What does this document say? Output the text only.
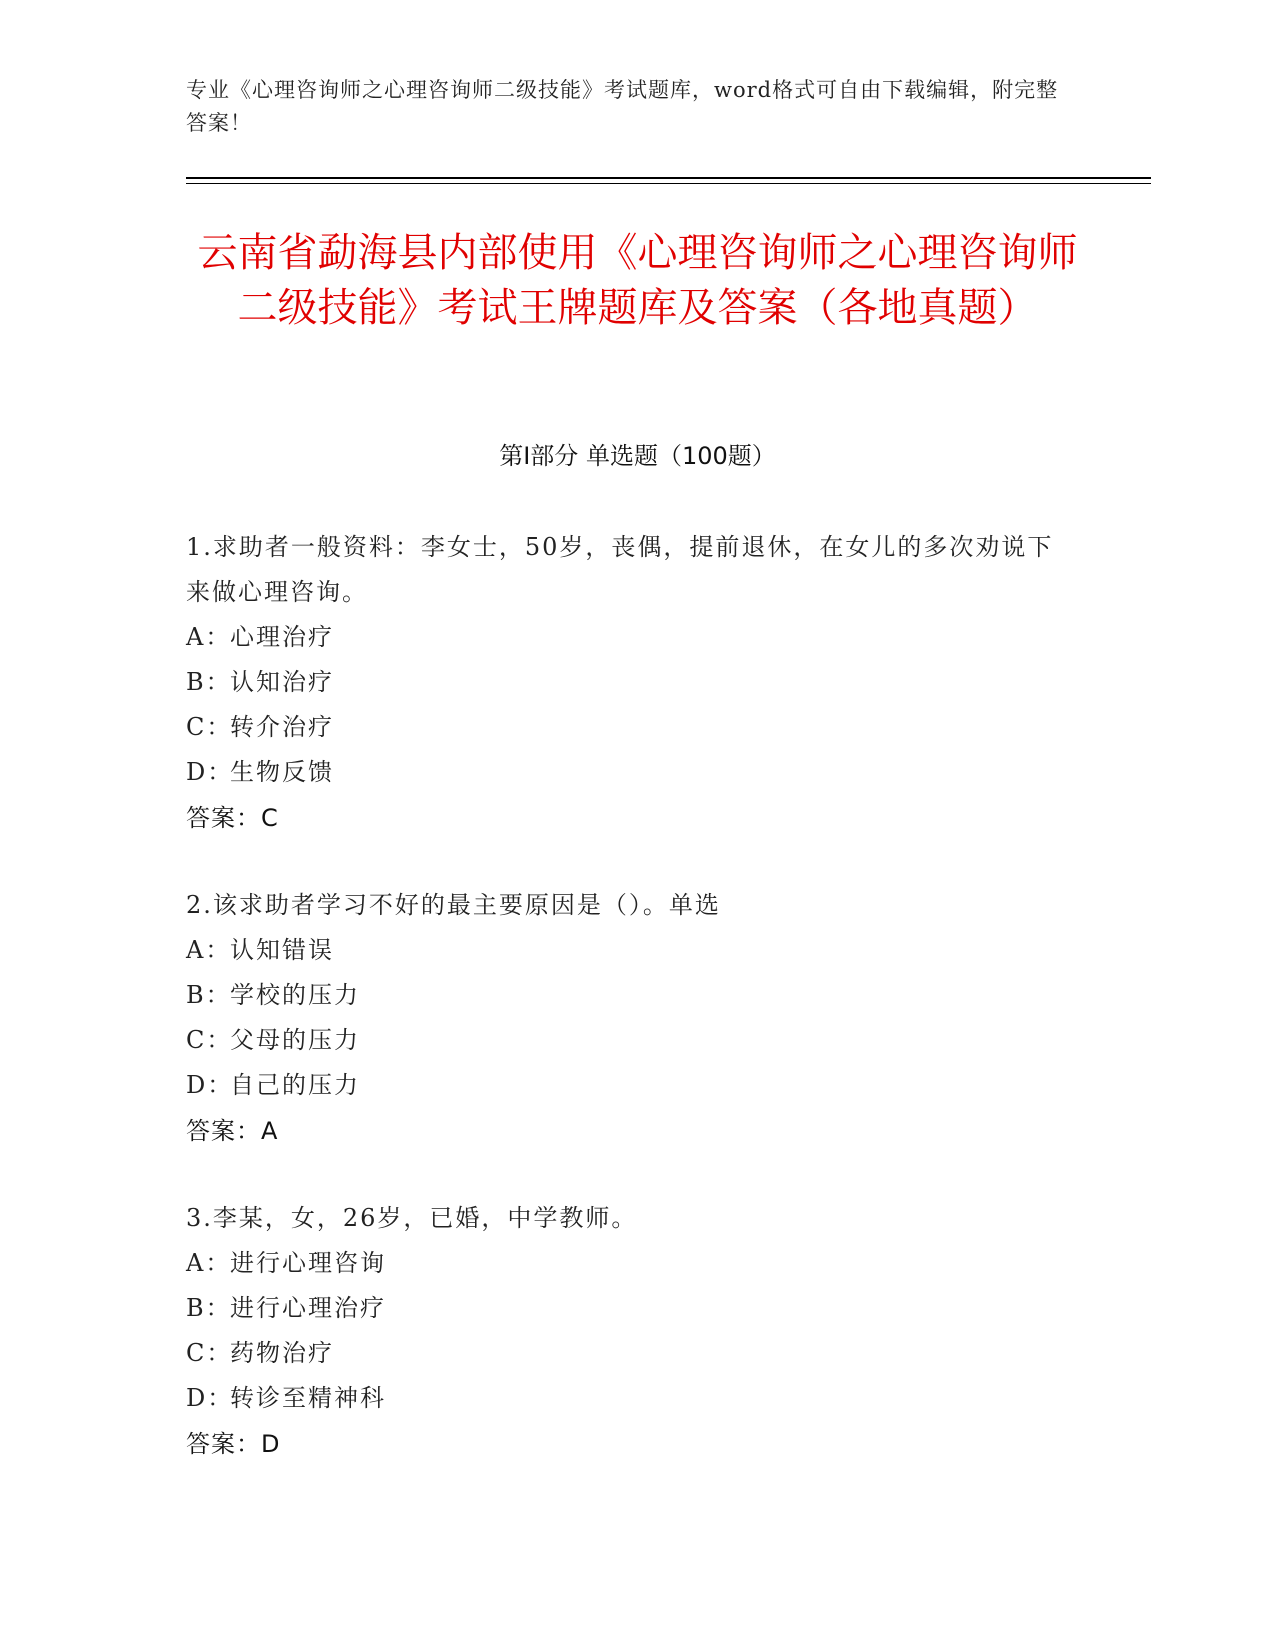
专业《心理咨询师之心理咨询师二级技能》考试题库，word格式可自由下载编辑，附完整答案！
云南省勐海县内部使用《心理咨询师之心理咨询师二级技能》考试王牌题库及答案（各地真题）
第Ⅰ部分 单选题（100题）

1.求助者一般资料：李女士，50岁，丧偶，提前退休，在女儿的多次劝说下来做心理咨询。

A：心理治疗

B：认知治疗

C：转介治疗

D：生物反馈

答案：C

2.该求助者学习不好的最主要原因是（）。单选

A：认知错误

B：学校的压力

C：父母的压力

D：自己的压力

答案：A

3.李某，女，26岁，已婚，中学教师。

A：进行心理咨询

B：进行心理治疗

C：药物治疗

D：转诊至精神科

答案：D
